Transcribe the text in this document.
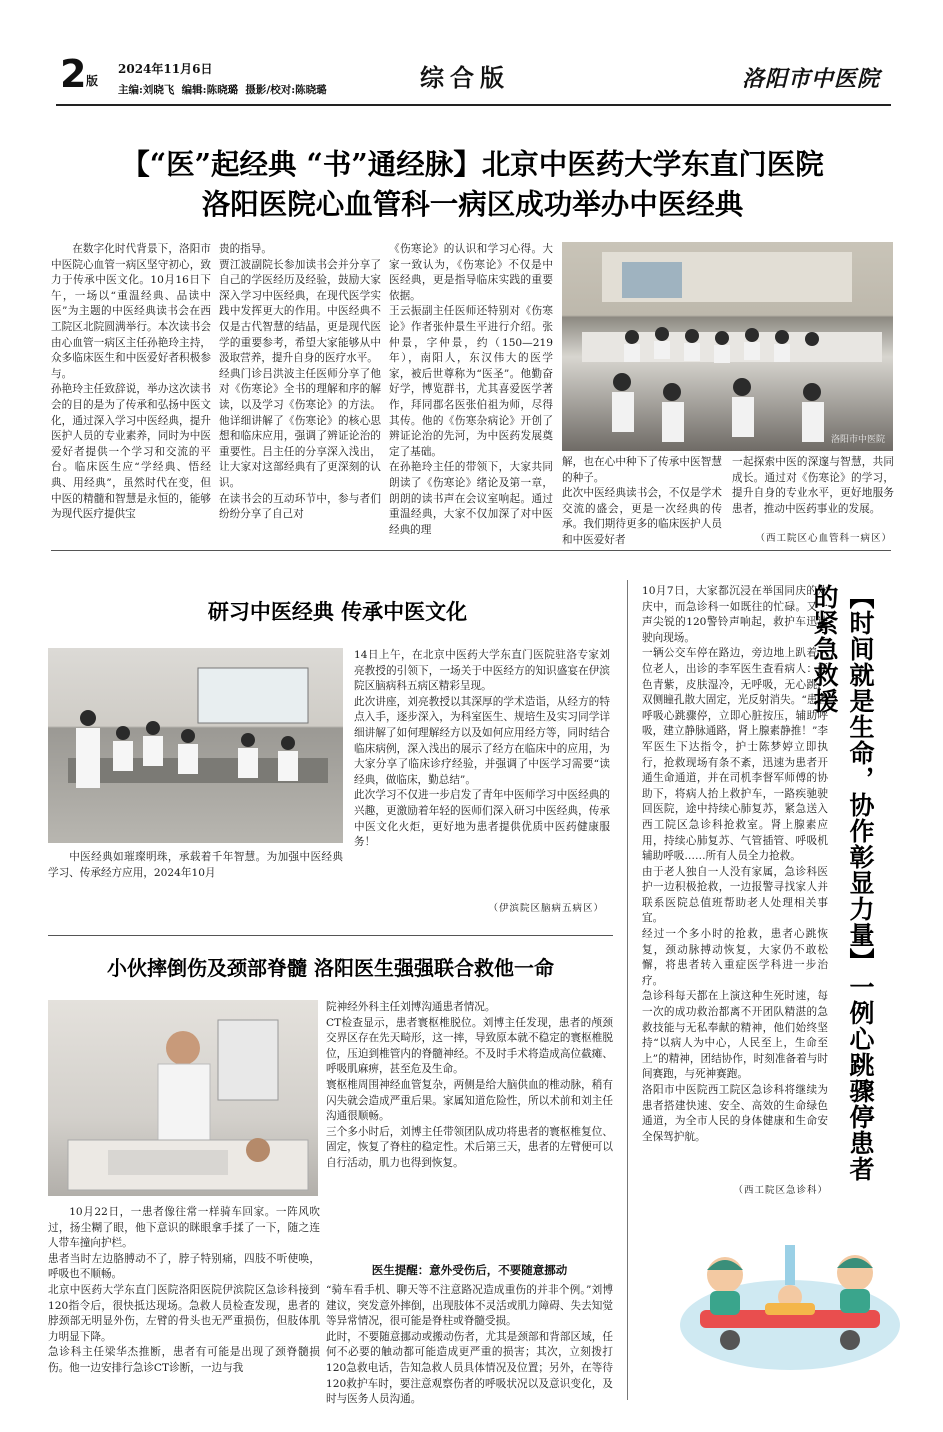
2 版
2024年11月6日
主编:刘晓飞  编辑:陈晓璐  摄影/校对:陈晓璐	综合版	洛阳市中医院
【“医”起经典 “书”通经脉】北京中医药大学东直门医院
洛阳医院心血管科一病区成功举办中医经典
在数字化时代背景下，洛阳市中医院心血管一病区坚守初心，致力于传承中医文化。10月16日下午，一场以“重温经典、品读中医”为主题的中医经典读书会在西工院区北院圆满举行。本次读书会由心血管一病区主任孙艳玲主持，众多临床医生和中医爱好者积极参与。
孙艳玲主任致辞说，举办这次读书会的目的是为了传承和弘扬中医文化，通过深入学习中医经典，提升医护人员的专业素养，同时为中医爱好者提供一个学习和交流的平台。临床医生应“学经典、悟经典、用经典”，虽然时代在变，但中医的精髓和智慧是永恒的，能够为现代医疗提供宝
贵的指导。
贾江波副院长参加读书会并分享了自己的学医经历及经验，鼓励大家深入学习中医经典，在现代医学实践中发挥更大的作用。中医经典不仅是古代智慧的结晶，更是现代医学的重要参考，希望大家能够从中汲取营养，提升自身的医疗水平。
经典门诊吕洪波主任医师分享了他对《伤寒论》全书的理解和序的解读，以及学习《伤寒论》的方法。他详细讲解了《伤寒论》的核心思想和临床应用，强调了辨证论治的重要性。吕主任的分享深入浅出，让大家对这部经典有了更深刻的认识。
在读书会的互动环节中，参与者们纷纷分享了自己对
《伤寒论》的认识和学习心得。大家一致认为，《伤寒论》不仅是中医经典，更是指导临床实践的重要依据。
王云振副主任医师还特别对《伤寒论》作者张仲景生平进行介绍。张仲景，字仲景，约（150—219年），南阳人，东汉伟大的医学家，被后世尊称为“医圣”。他勤奋好学，博览群书，尤其喜爱医学著作，拜同郡名医张伯祖为师，尽得其传。他的《伤寒杂病论》开创了辨证论治的先河，为中医药发展奠定了基础。
在孙艳玲主任的带领下，大家共同朗读了《伤寒论》绪论及第一章，朗朗的读书声在会议室响起。通过重温经典，大家不仅加深了对中医经典的理
洛阳市中医院
解，也在心中种下了传承中医智慧的种子。
此次中医经典读书会，不仅是学术交流的盛会，更是一次经典的传承。我们期待更多的临床医护人员和中医爱好者
一起探索中医的深邃与智慧，共同成长。通过对《伤寒论》的学习，提升自身的专业水平，更好地服务患者，推动中医药事业的发展。
（西工院区心血管科一病区）
研习中医经典 传承中医文化
中医经典如璀璨明珠，承载着千年智慧。为加强中医经典学习、传承经方应用，2024年10月
14日上午，在北京中医药大学东直门医院驻洛专家刘亮教授的引领下，一场关于中医经方的知识盛宴在伊滨院区脑病科五病区精彩呈现。
此次讲座，刘亮教授以其深厚的学术造诣，从经方的特点入手，逐步深入，为科室医生、规培生及实习同学详细讲解了如何理解经方以及如何应用经方等，同时结合临床病例，深入浅出的展示了经方在临床中的应用，为大家分享了临床诊疗经验，并强调了中医学习需要“读经典，做临床，勤总结”。
此次学习不仅进一步启发了青年中医师学习中医经典的兴趣，更激励着年轻的医师们深入研习中医经典，传承中医文化火炬，更好地为患者提供优质中医药健康服务！
（伊滨院区脑病五病区）
小伙摔倒伤及颈部脊髓 洛阳医生强强联合救他一命
10月22日，一患者像往常一样骑车回家。一阵风吹过，扬尘糊了眼，他下意识的眯眼拿手揉了一下，随之连人带车撞向护栏。
患者当时左边胳膊动不了，脖子特别痛，四肢不听使唤，呼吸也不顺畅。
北京中医药大学东直门医院洛阳医院伊滨院区急诊科接到120指令后，很快抵达现场。急救人员检查发现，患者的脖颈部无明显外伤，左臂的骨头也无严重损伤，但肢体肌力明显下降。
急诊科主任梁华杰推断，患者有可能是出现了颈脊髓损伤。他一边安排行急诊CT诊断，一边与我
院神经外科主任刘博沟通患者情况。
CT检查显示，患者寰枢椎脱位。刘博主任发现，患者的颅颈交界区存在先天畸形，这一摔，导致原本就不稳定的寰枢椎脱位，压迫到椎管内的脊髓神经。不及时手术将造成高位截瘫、呼吸肌麻痹，甚至危及生命。
寰枢椎周围神经血管复杂，两侧是给大脑供血的椎动脉，稍有闪失就会造成严重后果。家属知道危险性，所以术前和刘主任沟通很顺畅。
三个多小时后，刘博主任带领团队成功将患者的寰枢椎复位、固定，恢复了脊柱的稳定性。术后第三天，患者的左臂便可以自行活动，肌力也得到恢复。
医生提醒：意外受伤后，不要随意挪动
“骑车看手机、聊天等不注意路况造成重伤的并非个例。”刘博建议，突发意外摔倒，出现肢体不灵活或肌力障碍、失去知觉等异常情况，很可能是脊柱或脊髓受损。
此时，不要随意挪动或搬动伤者，尤其是颈部和背部区域，任何不必要的触动都可能造成更严重的损害；其次，立刻拨打120急救电话，告知急救人员具体情况及位置；另外，在等待120救护车时，要注意观察伤者的呼吸状况以及意识变化，及时与医务人员沟通。
10月7日，大家都沉浸在举国同庆的欢庆中，而急诊科一如既往的忙碌。又一声尖锐的120警铃声响起，救护车迅速驶向现场。
一辆公交车停在路边，旁边地上趴着一位老人，出诊的李军医生查看病人：面色青紫，皮肤湿冷，无呼吸，无心跳，双侧瞳孔散大固定，光反射消失。“患者呼吸心跳骤停，立即心脏按压，辅助呼吸，建立静脉通路，肾上腺素静推！”李军医生下达指令，护士陈梦婷立即执行，抢救现场有条不紊，迅速为患者开通生命通道，并在司机李督军师傅的协助下，将病人抬上救护车，一路疾驰驶回医院，途中持续心肺复苏，紧急送入西工院区急诊科抢救室。肾上腺素应用，持续心肺复苏、气管插管、呼吸机辅助呼吸……所有人员全力抢救。
由于老人独自一人没有家属，急诊科医护一边积极抢救，一边报警寻找家人并联系医院总值班帮助老人处理相关事宜。
经过一个多小时的抢救，患者心跳恢复，颈动脉搏动恢复，大家仍不敢松懈，将患者转入重症医学科进一步治疗。
急诊科每天都在上演这种生死时速，每一次的成功救治都离不开团队精湛的急救技能与无私奉献的精神，他们始终坚持“以病人为中心，人民至上，生命至上”的精神，团结协作，时刻准备着与时间赛跑，与死神赛跑。
洛阳市中医院西工院区急诊科将继续为患者搭建快速、安全、高效的生命绿色通道，为全市人民的身体健康和生命安全保驾护航。
（西工院区急诊科）
【时间就是生命，协作彰显力量】一例心跳骤停患者的紧急救援
